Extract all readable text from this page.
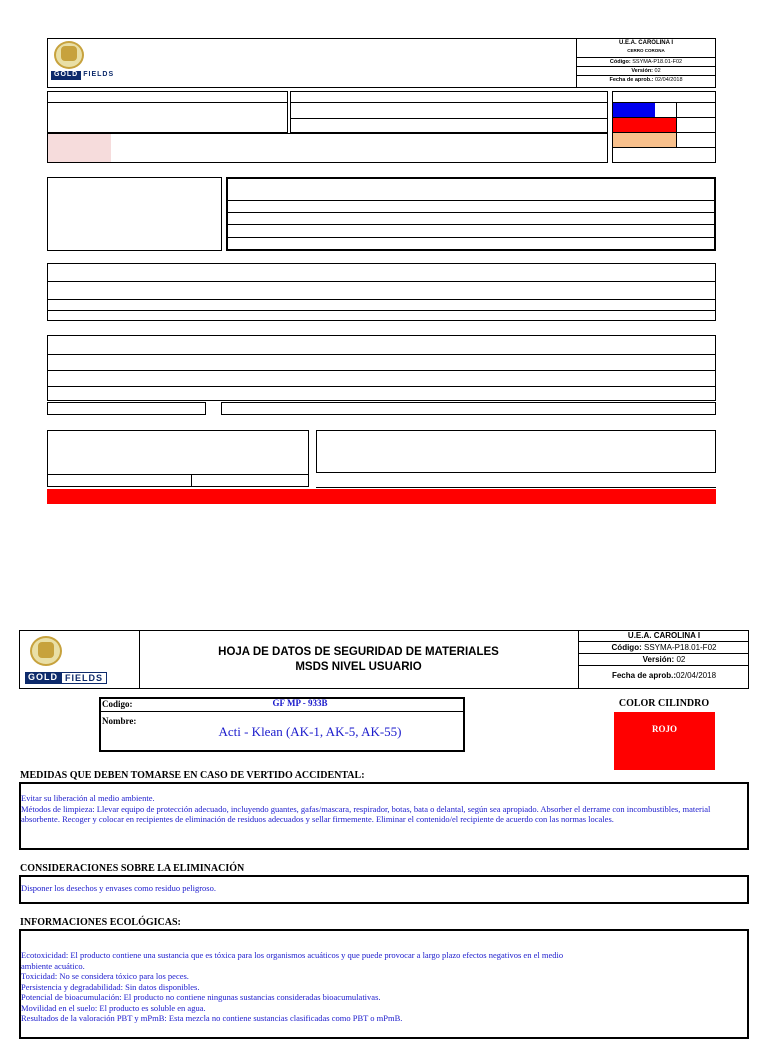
GOLD FIELDS
U.E.A. CAROLINA I
CERRO CORONA
Código: SSYMA-P18.01-F02
Versión: 02
Fecha de aprob.: 02/04/2018
GOLD FIELDS
HOJA DE DATOS DE SEGURIDAD DE MATERIALES
MSDS NIVEL USUARIO
U.E.A. CAROLINA I
Código: SSYMA-P18.01-F02
Versión: 02
Fecha de aprob.:02/04/2018
Codigo:	GF MP - 933B
Nombre:
Acti - Klean (AK-1, AK-5, AK-55)
COLOR CILINDRO
ROJO
MEDIDAS QUE DEBEN TOMARSE EN CASO DE VERTIDO ACCIDENTAL:

Evitar su liberación al medio ambiente.

Métodos de limpieza: Llevar equipo de protección adecuado, incluyendo guantes, gafas/mascara, respirador, botas, bata o delantal, según sea apropiado. Absorber el derrame con incombustibles, material absorbente. Recoger y colocar en recipientes de eliminación de residuos adecuados y sellar firmemente. Eliminar el contenido/el recipiente de acuerdo con las normas locales.

CONSIDERACIONES SOBRE LA ELIMINACIÓN

Disponer los desechos y envases como residuo peligroso.

INFORMACIONES ECOLÓGICAS:

Ecotoxicidad: El producto contiene una sustancia que es tóxica para los organismos acuáticos y que puede provocar a largo plazo efectos negativos en el medio ambiente acuático.

Toxicidad: No se considera tóxico para los peces.

Persistencia y degradabilidad: Sin datos disponibles.

Potencial de bioacumulación: El producto no contiene ningunas sustancias consideradas bioacumulativas.

Movilidad en el suelo: El producto es soluble en agua.

Resultados de la valoración PBT y mPmB: Esta mezcla no contiene sustancias clasificadas como PBT o mPmB.
